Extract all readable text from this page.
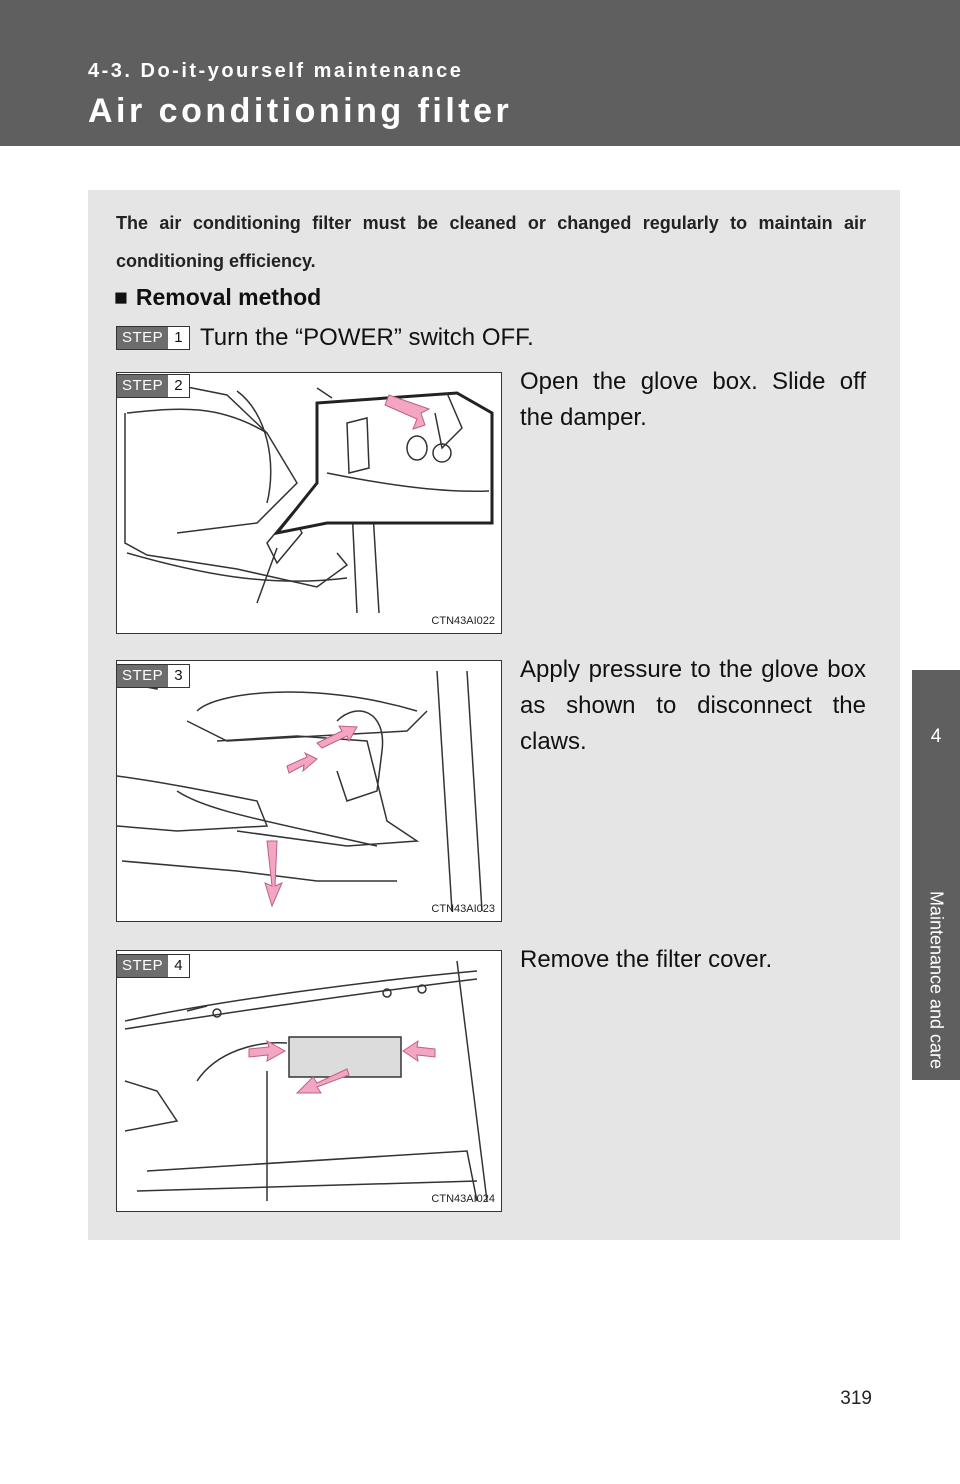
4-3. Do-it-yourself maintenance
Air conditioning filter
4
Maintenance and care
The air conditioning filter must be cleaned or changed regularly to maintain air conditioning efficiency.
■ Removal method
STEP 1 Turn the “POWER” switch OFF.
CTN43AI022
STEP 2	Open the glove box. Slide off the damper.
CTN43AI023
STEP 3	Apply pressure to the glove box as shown to disconnect the claws.
CTN43AI024
STEP 4	Remove the filter cover.
319
